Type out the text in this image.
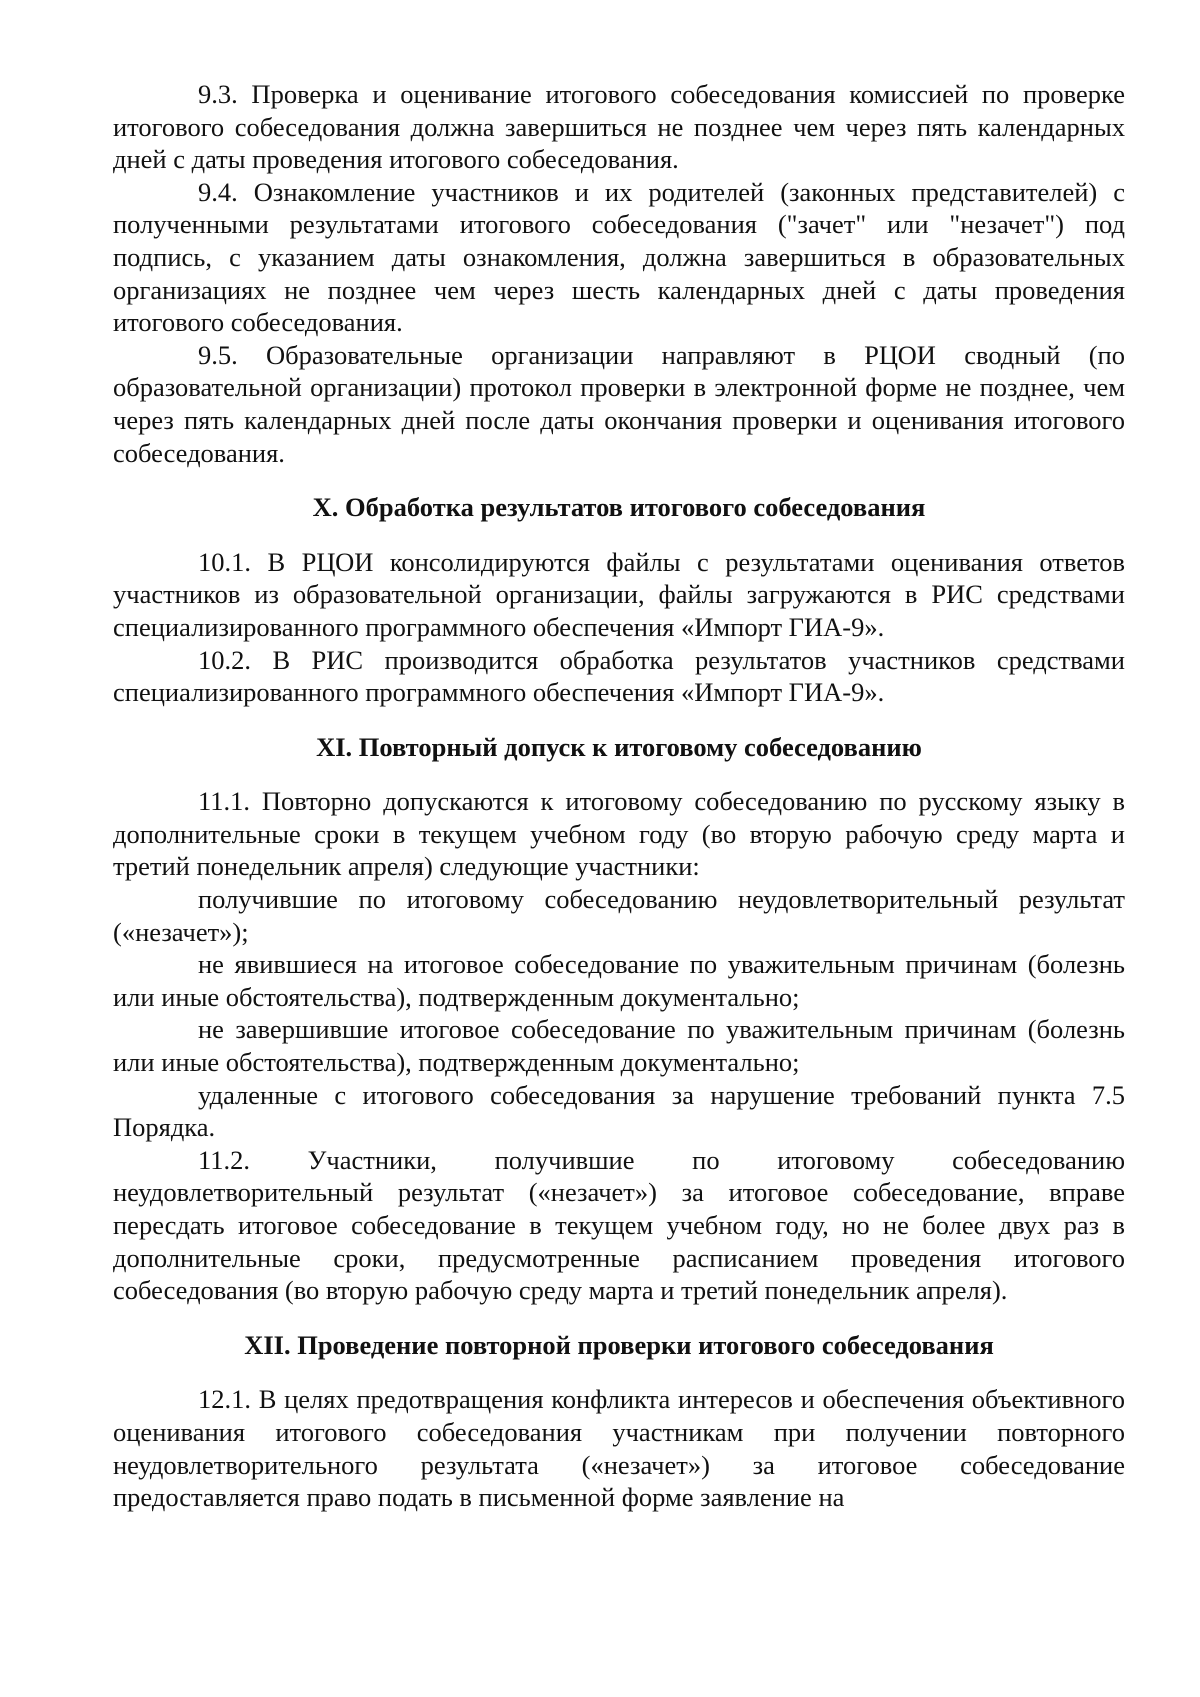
9.3. Проверка и оценивание итогового собеседования комиссией по проверке итогового собеседования должна завершиться не позднее чем через пять календарных дней с даты проведения итогового собеседования.

9.4. Ознакомление участников и их родителей (законных представителей) с полученными результатами итогового собеседования ("зачет" или "незачет") под подпись, с указанием даты ознакомления, должна завершиться в образовательных организациях не позднее чем через шесть календарных дней с даты проведения итогового собеседования.

9.5. Образовательные организации направляют в РЦОИ сводный (по образовательной организации) протокол проверки в электронной форме не позднее, чем через пять календарных дней после даты окончания проверки и оценивания итогового собеседования.

X. Обработка результатов итогового собеседования

10.1. В РЦОИ консолидируются файлы с результатами оценивания ответов участников из образовательной организации, файлы загружаются в РИС средствами специализированного программного обеспечения «Импорт ГИА-9».

10.2. В РИС производится обработка результатов участников средствами специализированного программного обеспечения «Импорт ГИА-9».

XI. Повторный допуск к итоговому собеседованию

11.1. Повторно допускаются к итоговому собеседованию по русскому языку в дополнительные сроки в текущем учебном году (во вторую рабочую среду марта и третий понедельник апреля) следующие участники:

получившие по итоговому собеседованию неудовлетворительный результат («незачет»);

не явившиеся на итоговое собеседование по уважительным причинам (болезнь или иные обстоятельства), подтвержденным документально;

не завершившие итоговое собеседование по уважительным причинам (болезнь или иные обстоятельства), подтвержденным документально;

удаленные с итогового собеседования за нарушение требований пункта 7.5 Порядка.

11.2. Участники, получившие по итоговому собеседованию неудовлетворительный результат («незачет») за итоговое собеседование, вправе пересдать итоговое собеседование в текущем учебном году, но не более двух раз в дополнительные сроки, предусмотренные расписанием проведения итогового собеседования (во вторую рабочую среду марта и третий понедельник апреля).

XII. Проведение повторной проверки итогового собеседования

12.1. В целях предотвращения конфликта интересов и обеспечения объективного оценивания итогового собеседования участникам при получении повторного неудовлетворительного результата («незачет») за итоговое собеседование предоставляется право подать в письменной форме заявление на
